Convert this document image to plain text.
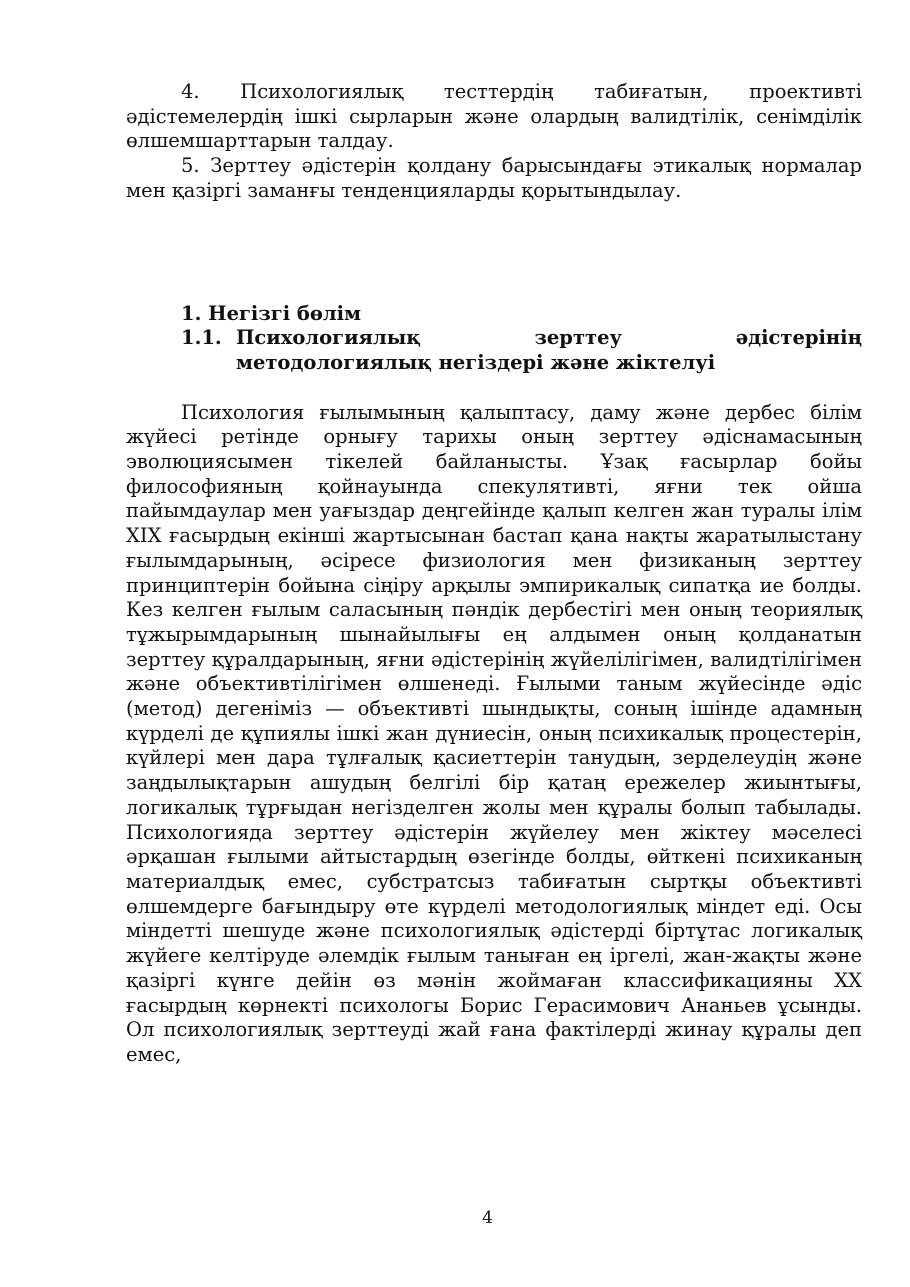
4. Психологиялық тесттердің табиғатын, проективті әдістемелердің ішкі сырларын және олардың валидтілік, сенімділік өлшемшарттарын талдау.

5. Зерттеу әдістерін қолдану барысындағы этикалық нормалар мен қазіргі заманғы тенденцияларды қорытындылау.

1. Негізгі бөлім
1.1. Психологиялық зерттеу әдістерінің
методологиялық негіздері және жіктелуі

Психология ғылымының қалыптасу, даму және дербес білім жүйесі ретінде орнығу тарихы оның зерттеу әдіснамасының эволюциясымен тікелей байланысты. Ұзақ ғасырлар бойы философияның қойнауында спекулятивті, яғни тек ойша пайымдаулар мен уағыздар деңгейінде қалып келген жан туралы ілім XIX ғасырдың екінші жартысынан бастап қана нақты жаратылыстану ғылымдарының, әсіресе физиология мен физиканың зерттеу принциптерін бойына сіңіру арқылы эмпирикалық сипатқа ие болды. Кез келген ғылым саласының пәндік дербестігі мен оның теориялық тұжырымдарының шынайылығы ең алдымен оның қолданатын зерттеу құралдарының, яғни әдістерінің жүйелілігімен, валидтілігімен және объективтілігімен өлшенеді. Ғылыми таным жүйесінде әдіс (метод) дегеніміз — объективті шындықты, соның ішінде адамның күрделі де құпиялы ішкі жан дүниесін, оның психикалық процестерін, күйлері мен дара тұлғалық қасиеттерін танудың, зерделеудің және заңдылықтарын ашудың белгілі бір қатаң ережелер жиынтығы, логикалық тұрғыдан негізделген жолы мен құралы болып табылады. Психологияда зерттеу әдістерін жүйелеу мен жіктеу мәселесі әрқашан ғылыми айтыстардың өзегінде болды, өйткені психиканың материалдық емес, субстратсыз табиғатын сыртқы объективті өлшемдерге бағындыру өте күрделі методологиялық міндет еді. Осы міндетті шешуде және психологиялық әдістерді біртұтас логикалық жүйеге келтіруде әлемдік ғылым таныған ең іргелі, жан-жақты және қазіргі күнге дейін өз мәнін жоймаған классификацияны XX ғасырдың көрнекті психологы Борис Герасимович Ананьев ұсынды. Ол психологиялық зерттеуді жай ғана фактілерді жинау құралы деп емес,

4
